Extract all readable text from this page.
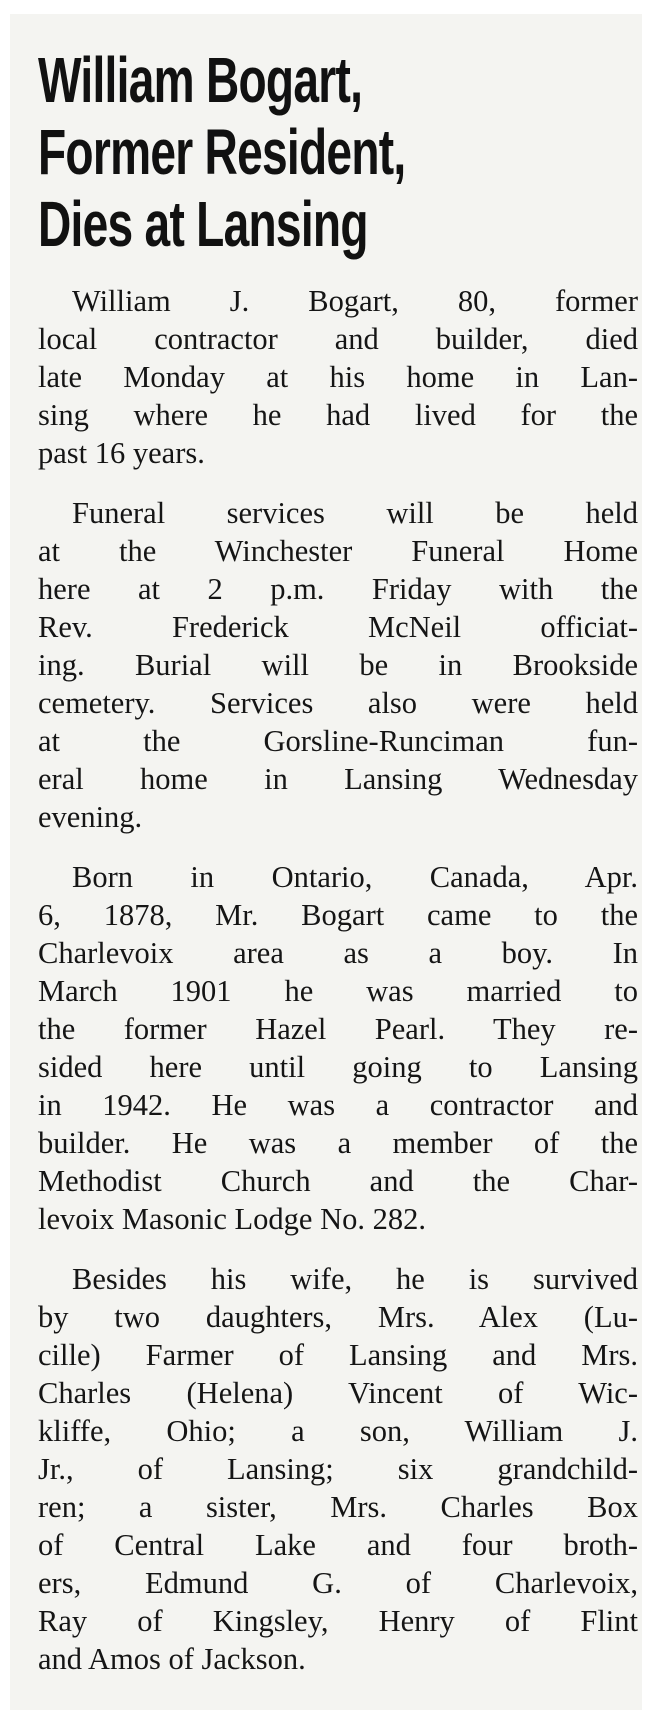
William Bogart,
Former Resident,
Dies at Lansing
William J. Bogart, 80, former
local contractor and builder, died
late Monday at his home in Lan-
sing where he had lived for the
past 16 years.
Funeral services will be held
at the Winchester Funeral Home
here at 2 p.m. Friday with the
Rev. Frederick McNeil officiat-
ing. Burial will be in Brookside
cemetery. Services also were held
at the Gorsline-Runciman fun-
eral home in Lansing Wednesday
evening.
Born in Ontario, Canada, Apr.
6, 1878, Mr. Bogart came to the
Charlevoix area as a boy. In
March 1901 he was married to
the former Hazel Pearl. They re-
sided here until going to Lansing
in 1942. He was a contractor and
builder. He was a member of the
Methodist Church and the Char-
levoix Masonic Lodge No. 282.
Besides his wife, he is survived
by two daughters, Mrs. Alex (Lu-
cille) Farmer of Lansing and Mrs.
Charles (Helena) Vincent of Wic-
kliffe, Ohio; a son, William J.
Jr., of Lansing; six grandchild-
ren; a sister, Mrs. Charles Box
of Central Lake and four broth-
ers, Edmund G. of Charlevoix,
Ray of Kingsley, Henry of Flint
and Amos of Jackson.
